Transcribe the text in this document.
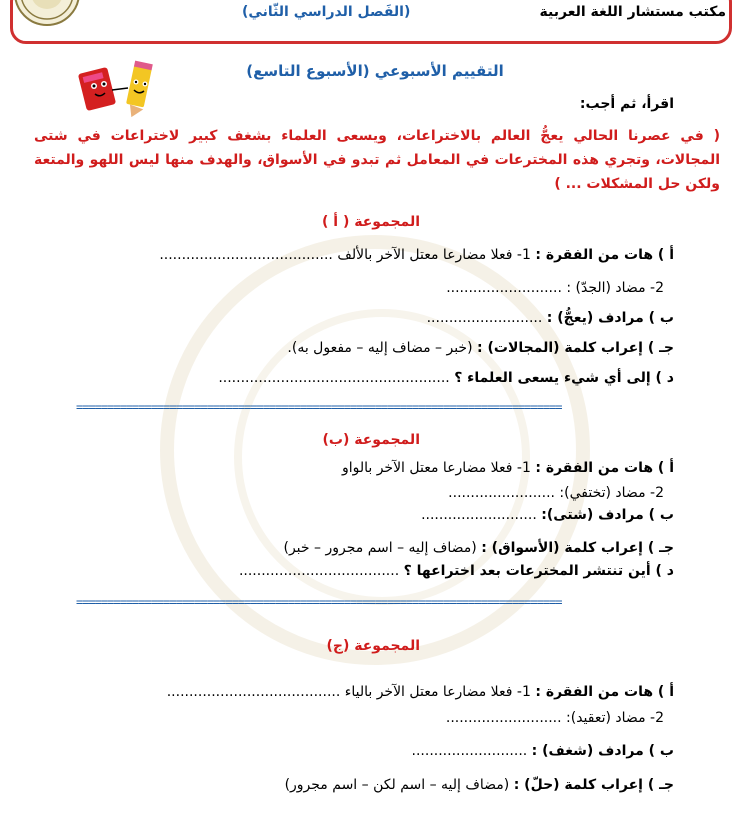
مكتب مستشار اللغة العربية
(الفَصل الدراسي الثّاني)
التقييم الأسبوعي (الأسبوع التاسع)
اقرأ، ثم أجب:
( في عصرنا الحالي يعجُّ العالم بالاختراعات، ويسعى العلماء بشغف كبير لاختراعات في شتى المجالات، وتجري هذه المخترعات في المعامل ثم تبدو في الأسواق، والهدف منها ليس اللهو والمتعة ولكن حل المشكلات ... )
المجموعة ( أ )
أ ) هات من الفقرة : 1- فعلا مضارعا معتل الآخر بالألف .......................................
2- مضاد (الجدّ) : ..........................
ب ) مرادف (يعجُّ) : ..........................
جـ ) إعراب كلمة (المجالات) : (خبر – مضاف إليه – مفعول به).
د ) إلى أي شيء يسعى العلماء ؟ ....................................................
==============================================================================
المجموعة (ب)
أ ) هات من الفقرة : 1- فعلا مضارعا معتل الآخر بالواو
2- مضاد (تختفي): ........................
ب ) مرادف (شتى): ..........................
جـ ) إعراب كلمة (الأسواق) : (مضاف إليه – اسم مجرور – خبر)
د ) أين تنتشر المخترعات بعد اختراعها ؟ ....................................
==============================================================================
المجموعة (ج)
أ ) هات من الفقرة : 1- فعلا مضارعا معتل الآخر بالياء .......................................
2- مضاد (تعقيد): ..........................
ب ) مرادف (شغف) : ..........................
جـ ) إعراب كلمة (حلّ) : (مضاف إليه – اسم لكن – اسم مجرور)
